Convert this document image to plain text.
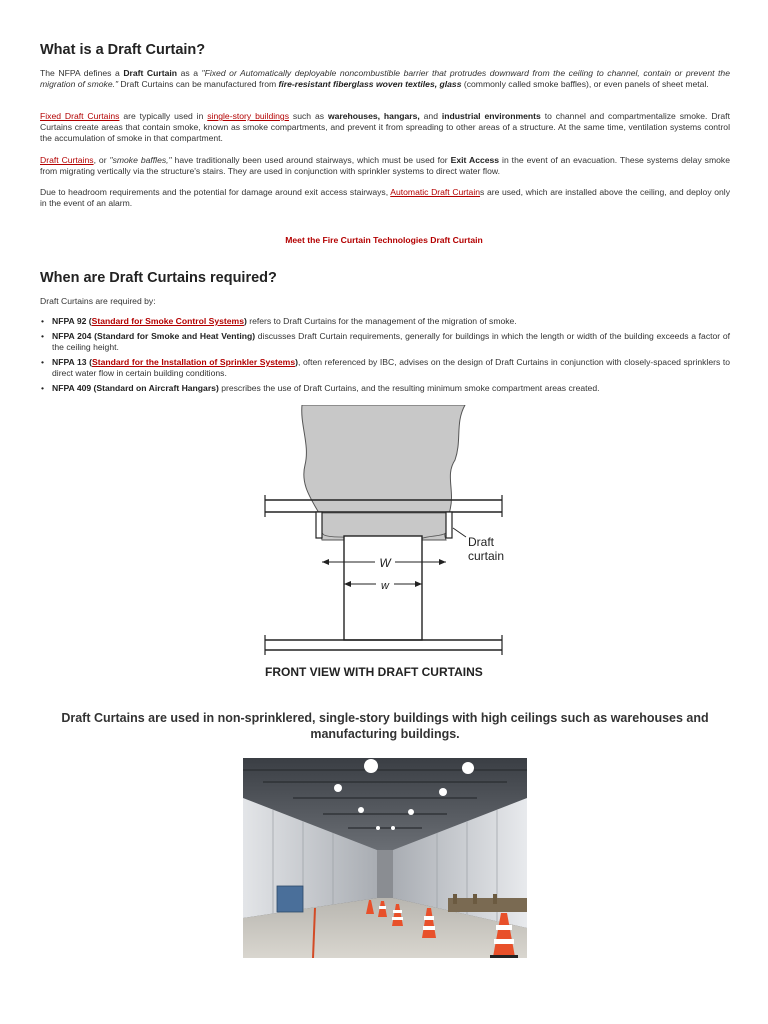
What is a Draft Curtain?

The NFPA defines a Draft Curtain as a "Fixed or Automatically deployable noncombustible barrier that protrudes downward from the ceiling to channel, contain or prevent the migration of smoke." Draft Curtains can be manufactured from fire-resistant fiberglass woven textiles, glass (commonly called smoke baffles), or even panels of sheet metal.

Fixed Draft Curtains are typically used in single-story buildings such as warehouses, hangars, and industrial environments to channel and compartmentalize smoke. Draft Curtains create areas that contain smoke, known as smoke compartments, and prevent it from spreading to other areas of a structure. At the same time, ventilation systems control the accumulation of smoke in that compartment.

Draft Curtains, or "smoke baffles," have traditionally been used around stairways, which must be used for Exit Access in the event of an evacuation. These systems delay smoke from migrating vertically via the structure's stairs. They are used in conjunction with sprinkler systems to direct water flow.

Due to headroom requirements and the potential for damage around exit access stairways, Automatic Draft Curtains are used, which are installed above the ceiling, and deploy only in the event of an alarm.

Meet the Fire Curtain Technologies Draft Curtain
When are Draft Curtains required?

Draft Curtains are required by:

• NFPA 92 (Standard for Smoke Control Systems) refers to Draft Curtains for the management of the migration of smoke.
• NFPA 204 (Standard for Smoke and Heat Venting) discusses Draft Curtain requirements, generally for buildings in which the length or width of the building exceeds a factor of the ceiling height.
• NFPA 13 (Standard for the Installation of Sprinkler Systems), often referenced by IBC, advises on the design of Draft Curtains in conjunction with closely-spaced sprinklers to direct water flow in certain building conditions.
• NFPA 409 (Standard on Aircraft Hangars) prescribes the use of Draft Curtains, and the resulting minimum smoke compartment areas created.
W
w
Draft
curtain
FRONT VIEW WITH DRAFT CURTAINS
Draft Curtains are used in non-sprinklered, single-story buildings with high ceilings such as warehouses and manufacturing buildings.
